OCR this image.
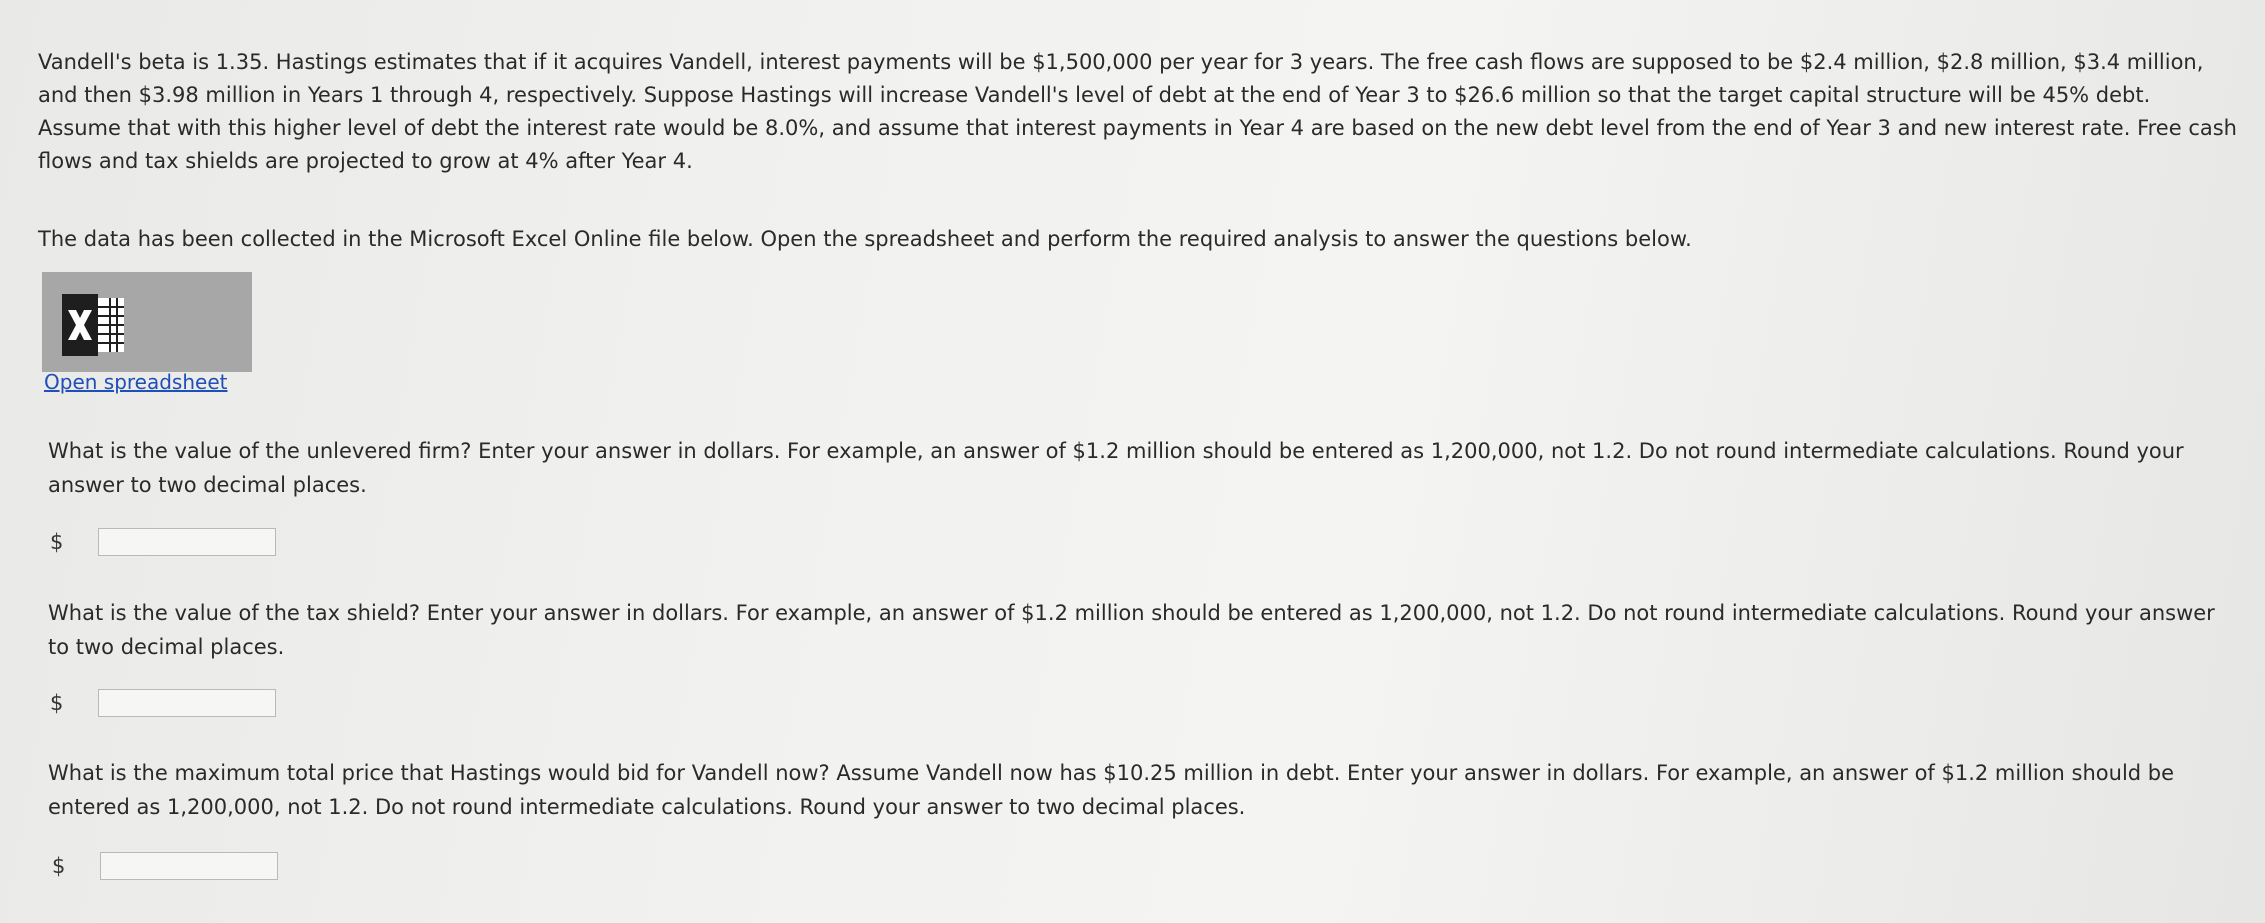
Vandell's beta is 1.35. Hastings estimates that if it acquires Vandell, interest payments will be $1,500,000 per year for 3 years. The free cash flows are supposed to be $2.4 million, $2.8 million, $3.4 million, and then $3.98 million in Years 1 through 4, respectively. Suppose Hastings will increase Vandell's level of debt at the end of Year 3 to $26.6 million so that the target capital structure will be 45% debt. Assume that with this higher level of debt the interest rate would be 8.0%, and assume that interest payments in Year 4 are based on the new debt level from the end of Year 3 and new interest rate. Free cash flows and tax shields are projected to grow at 4% after Year 4.

The data has been collected in the Microsoft Excel Online file below. Open the spreadsheet and perform the required analysis to answer the questions below.

Open spreadsheet
What is the value of the unlevered firm? Enter your answer in dollars. For example, an answer of $1.2 million should be entered as 1,200,000, not 1.2. Do not round intermediate calculations. Round your answer to two decimal places.
$
What is the value of the tax shield? Enter your answer in dollars. For example, an answer of $1.2 million should be entered as 1,200,000, not 1.2. Do not round intermediate calculations. Round your answer to two decimal places.
$
What is the maximum total price that Hastings would bid for Vandell now? Assume Vandell now has $10.25 million in debt. Enter your answer in dollars. For example, an answer of $1.2 million should be entered as 1,200,000, not 1.2. Do not round intermediate calculations. Round your answer to two decimal places.
$
